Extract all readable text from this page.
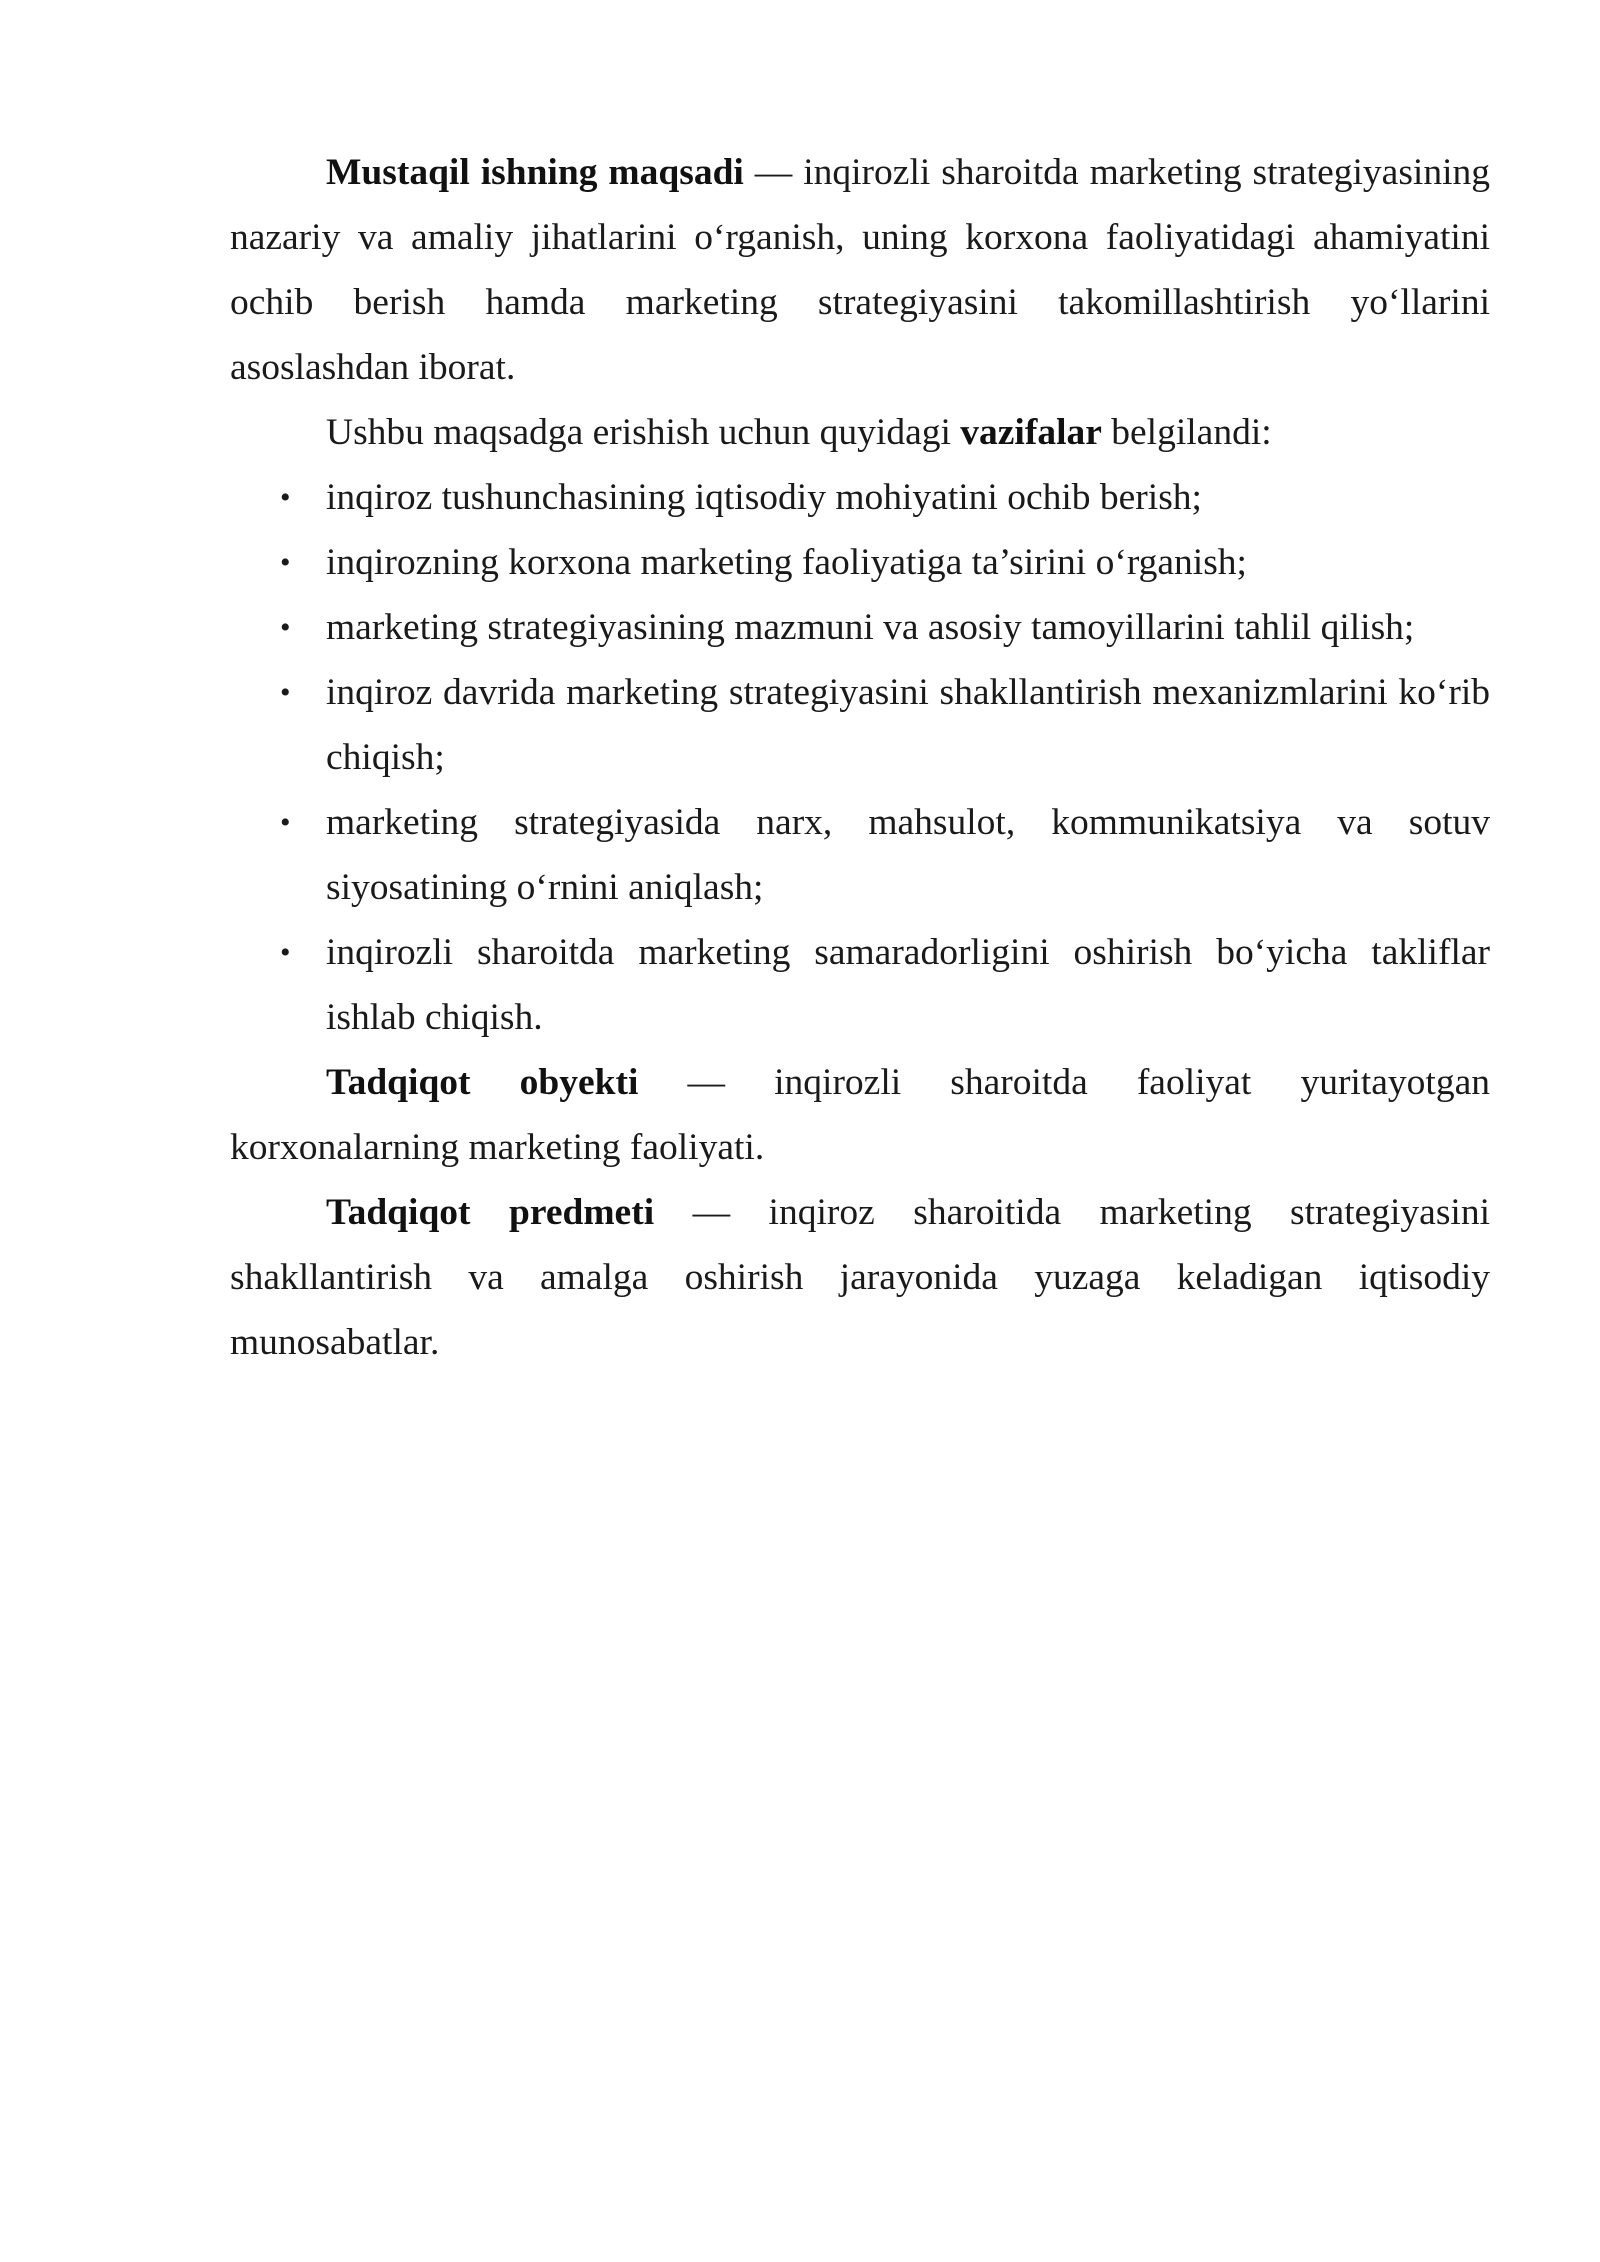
Mustaqil ishning maqsadi — inqirozli sharoitda marketing strategiyasining nazariy va amaliy jihatlarini o‘rganish, uning korxona faoliyatidagi ahamiyatini ochib berish hamda marketing strategiyasini takomillashtirish yo‘llarini asoslashdan iborat.

Ushbu maqsadga erishish uchun quyidagi vazifalar belgilandi:

• inqiroz tushunchasining iqtisodiy mohiyatini ochib berish;
• inqirozning korxona marketing faoliyatiga ta’sirini o‘rganish;
• marketing strategiyasining mazmuni va asosiy tamoyillarini tahlil qilish;
• inqiroz davrida marketing strategiyasini shakllantirish mexanizmlarini ko‘rib chiqish;
• marketing strategiyasida narx, mahsulot, kommunikatsiya va sotuv siyosatining o‘rnini aniqlash;
• inqirozli sharoitda marketing samaradorligini oshirish bo‘yicha takliflar ishlab chiqish.

Tadqiqot obyekti — inqirozli sharoitda faoliyat yuritayotgan korxonalarning marketing faoliyati.

Tadqiqot predmeti — inqiroz sharoitida marketing strategiyasini shakllantirish va amalga oshirish jarayonida yuzaga keladigan iqtisodiy munosabatlar.
